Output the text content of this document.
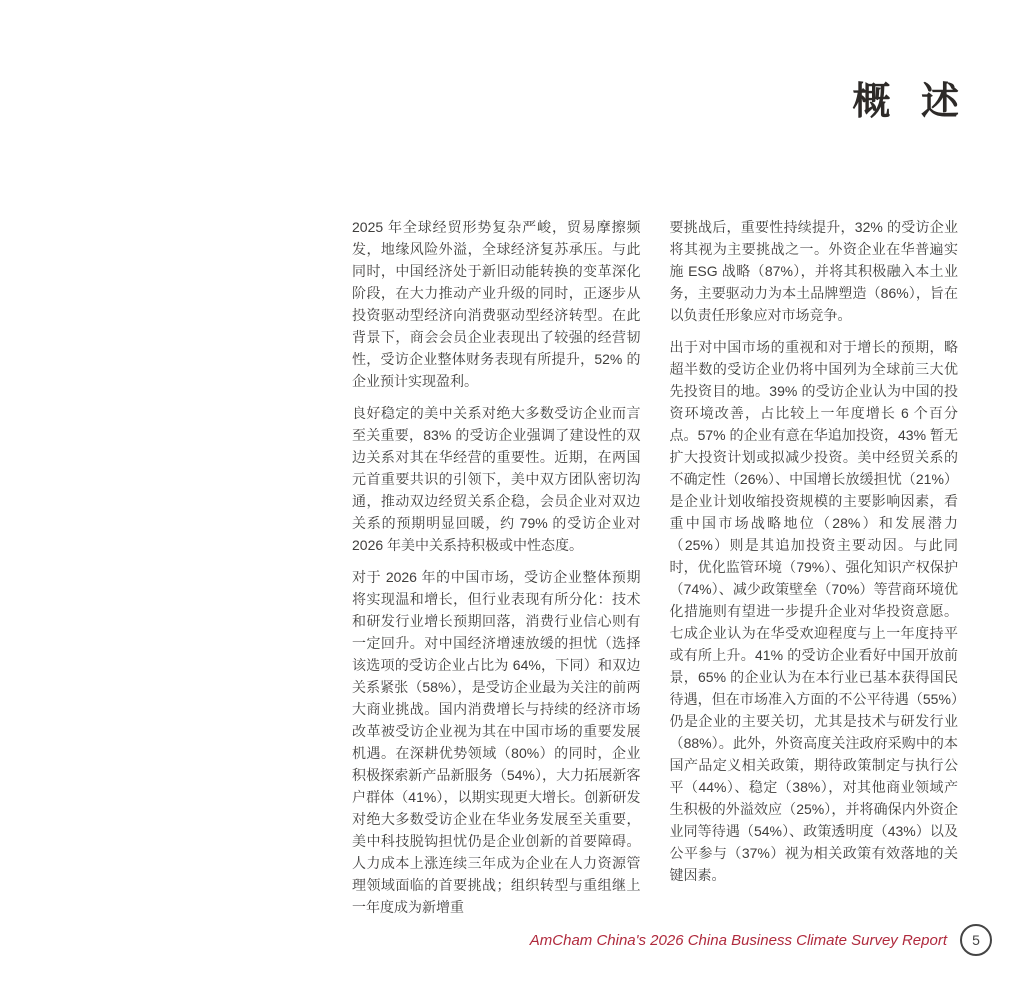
概 述

2025 年全球经贸形势复杂严峻，贸易摩擦频发，地缘风险外溢，全球经济复苏承压。与此同时，中国经济处于新旧动能转换的变革深化阶段，在大力推动产业升级的同时，正逐步从投资驱动型经济向消费驱动型经济转型。在此背景下，商会会员企业表现出了较强的经营韧性，受访企业整体财务表现有所提升，52% 的企业预计实现盈利。

良好稳定的美中关系对绝大多数受访企业而言至关重要，83% 的受访企业强调了建设性的双边关系对其在华经营的重要性。近期，在两国元首重要共识的引领下，美中双方团队密切沟通，推动双边经贸关系企稳，会员企业对双边关系的预期明显回暖，约 79% 的受访企业对 2026 年美中关系持积极或中性态度。

对于 2026 年的中国市场，受访企业整体预期将实现温和增长，但行业表现有所分化：技术和研发行业增长预期回落，消费行业信心则有一定回升。对中国经济增速放缓的担忧（选择该选项的受访企业占比为 64%，下同）和双边关系紧张（58%），是受访企业最为关注的前两大商业挑战。国内消费增长与持续的经济市场改革被受访企业视为其在中国市场的重要发展机遇。在深耕优势领域（80%）的同时，企业积极探索新产品新服务（54%），大力拓展新客户群体（41%），以期实现更大增长。创新研发对绝大多数受访企业在华业务发展至关重要，美中科技脱钩担忧仍是企业创新的首要障碍。人力成本上涨连续三年成为企业在人力资源管理领域面临的首要挑战；组织转型与重组继上一年度成为新增重

要挑战后，重要性持续提升，32% 的受访企业将其视为主要挑战之一。外资企业在华普遍实施 ESG 战略（87%），并将其积极融入本土业务，主要驱动力为本土品牌塑造（86%），旨在以负责任形象应对市场竞争。

出于对中国市场的重视和对于增长的预期，略超半数的受访企业仍将中国列为全球前三大优先投资目的地。39% 的受访企业认为中国的投资环境改善，占比较上一年度增长 6 个百分点。57% 的企业有意在华追加投资，43% 暂无扩大投资计划或拟减少投资。美中经贸关系的不确定性（26%）、中国增长放缓担忧（21%）是企业计划收缩投资规模的主要影响因素，看重中国市场战略地位（28%）和发展潜力（25%）则是其追加投资主要动因。与此同时，优化监管环境（79%）、强化知识产权保护（74%）、减少政策壁垒（70%）等营商环境优化措施则有望进一步提升企业对华投资意愿。七成企业认为在华受欢迎程度与上一年度持平或有所上升。41% 的受访企业看好中国开放前景，65% 的企业认为在本行业已基本获得国民待遇，但在市场准入方面的不公平待遇（55%）仍是企业的主要关切，尤其是技术与研发行业（88%）。此外，外资高度关注政府采购中的本国产品定义相关政策，期待政策制定与执行公平（44%）、稳定（38%），对其他商业领域产生积极的外溢效应（25%），并将确保内外资企业同等待遇（54%）、政策透明度（43%）以及公平参与（37%）视为相关政策有效落地的关键因素。

AmCham China's 2026 China Business Climate Survey Report	5
